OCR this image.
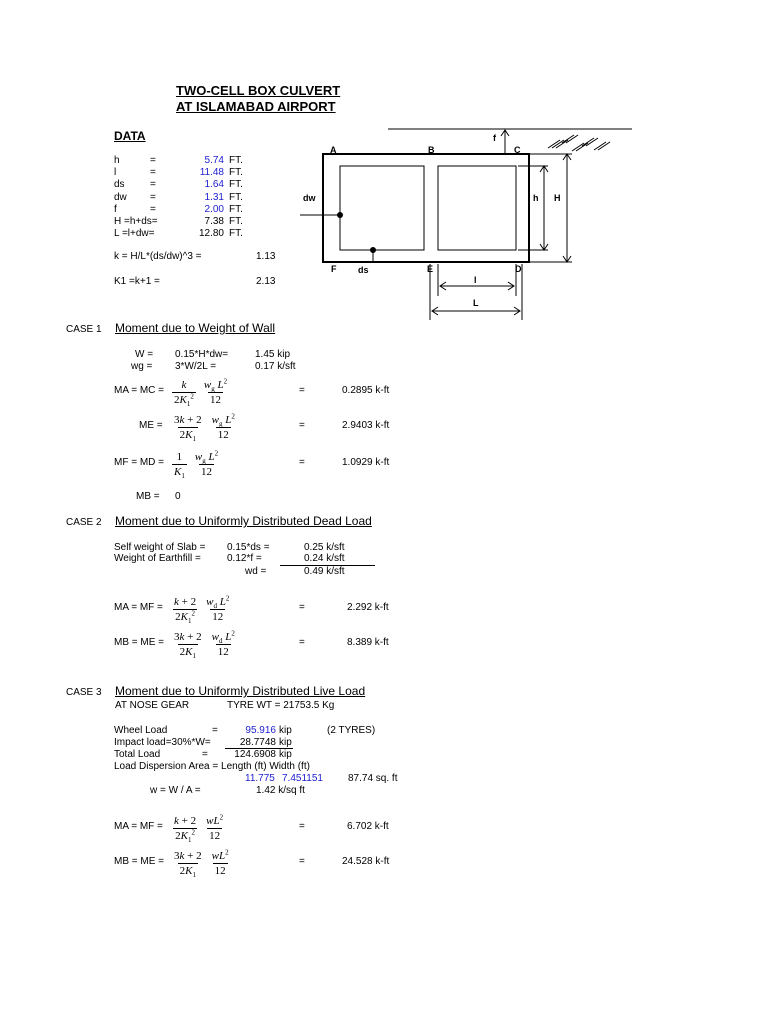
TWO-CELL BOX CULVERT
AT ISLAMABAD AIRPORT
DATA
h	=	5.74 FT.
l	=	11.48 FT.
ds	=	1.64 FT.
dw =	1.31 FT.
f	=	2.00 FT.
H =h+ds=	7.38 FT.
L =l+dw=	12.80 FT.
k = H/L*(ds/dw)^3 =	1.13
K1 =k+1 =	2.13
A	B	C
D
E
F
f
dw
ds
h H
l
L
CASE 1 Moment due to Weight of Wall
W = 0.15*H*dw=	1.45 kip
wg = 3*W/2L =	0.17 k/sft
MA = MC = $\frac{k}{2K_1^2} \frac{w_g L^2}{12}$	=	0.2895 k-ft
ME = $\frac{3k + 2}{2K_1} \frac{w_g L^2}{12}$	=	2.9403 k-ft
MF = MD = $\frac{1}{K_1} \frac{w_g L^2}{12}$	=	1.0929 k-ft
MB = 0
CASE 2 Moment due to Uniformly Distributed Dead Load
Self weight of Slab = 0.15*ds =	0.25 k/sft
Weight of Earthfill =	0.12*f =	0.24 k/sft
wd =	0.49 k/sft
MA = MF = $\frac{k + 2}{2K_1^2} \frac{w_d L^2}{12}$	=	2.292 k-ft
MB = ME = $\frac{3k + 2}{2K_1} \frac{w_d L^2}{12}$	=	8.389 k-ft
CASE 3 Moment due to Uniformly Distributed Live Load
AT NOSE GEAR	TYRE WT = 21753.5 Kg
Wheel Load	=	95.916 kip	(2 TYRES)
Impact load=30%*W=	28.7748 kip
Total Load	=	124.6908 kip
Load Dispersion Area = Length (ft) Width (ft)
11.775 7.451151	87.74 sq. ft
w = W / A =	1.42 k/sq ft
MA = MF = $\frac{k + 2}{2K_1^2} \frac{wL^2}{12}$	=	6.702 k-ft
MB = ME = $\frac{3k + 2}{2K_1} \frac{wL^2}{12}$	=	24.528 k-ft
